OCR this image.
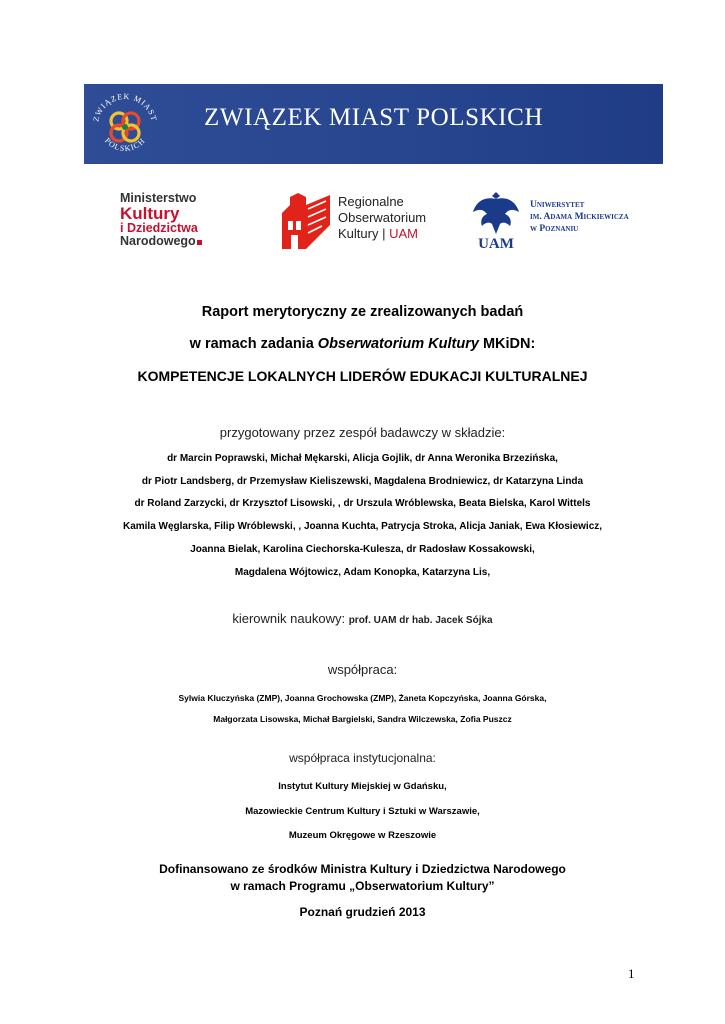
ZWIĄZEK MIAST
POLSKICH
ZWIĄZEK MIAST POLSKICH
Ministerstwo
Kultury
i Dziedzictwa
Narodowego
Regionalne
Obserwatorium
Kultury | UAM
UAM
Uniwersytet
im. Adama Mickiewicza
w Poznaniu
Raport merytoryczny ze zrealizowanych badań
w ramach zadania Obserwatorium Kultury MKiDN:
KOMPETENCJE LOKALNYCH LIDERÓW EDUKACJI KULTURALNEJ
przygotowany przez zespół badawczy w składzie:
dr Marcin Poprawski, Michał Mękarski, Alicja Gojlik, dr Anna Weronika Brzezińska,
dr Piotr Landsberg, dr Przemysław Kieliszewski, Magdalena Brodniewicz, dr Katarzyna Linda
dr Roland Zarzycki, dr Krzysztof Lisowski, , dr Urszula Wróblewska, Beata Bielska, Karol Wittels
Kamila Węglarska, Filip Wróblewski, , Joanna Kuchta, Patrycja Stroka, Alicja Janiak, Ewa Kłosiewicz,
Joanna Bielak, Karolina Ciechorska-Kulesza, dr Radosław Kossakowski,
Magdalena Wójtowicz, Adam Konopka, Katarzyna Lis,
kierownik naukowy: prof. UAM dr hab. Jacek Sójka
współpraca:
Sylwia Kluczyńska (ZMP), Joanna Grochowska (ZMP), Żaneta Kopczyńska, Joanna Górska,
Małgorzata Lisowska, Michał Bargielski, Sandra Wilczewska, Zofia Puszcz
współpraca instytucjonalna:
Instytut Kultury Miejskiej w Gdańsku,
Mazowieckie Centrum Kultury i Sztuki w Warszawie,
Muzeum Okręgowe w Rzeszowie
Dofinansowano ze środków Ministra Kultury i Dziedzictwa Narodowego
w ramach Programu „Obserwatorium Kultury”
Poznań grudzień 2013
1
